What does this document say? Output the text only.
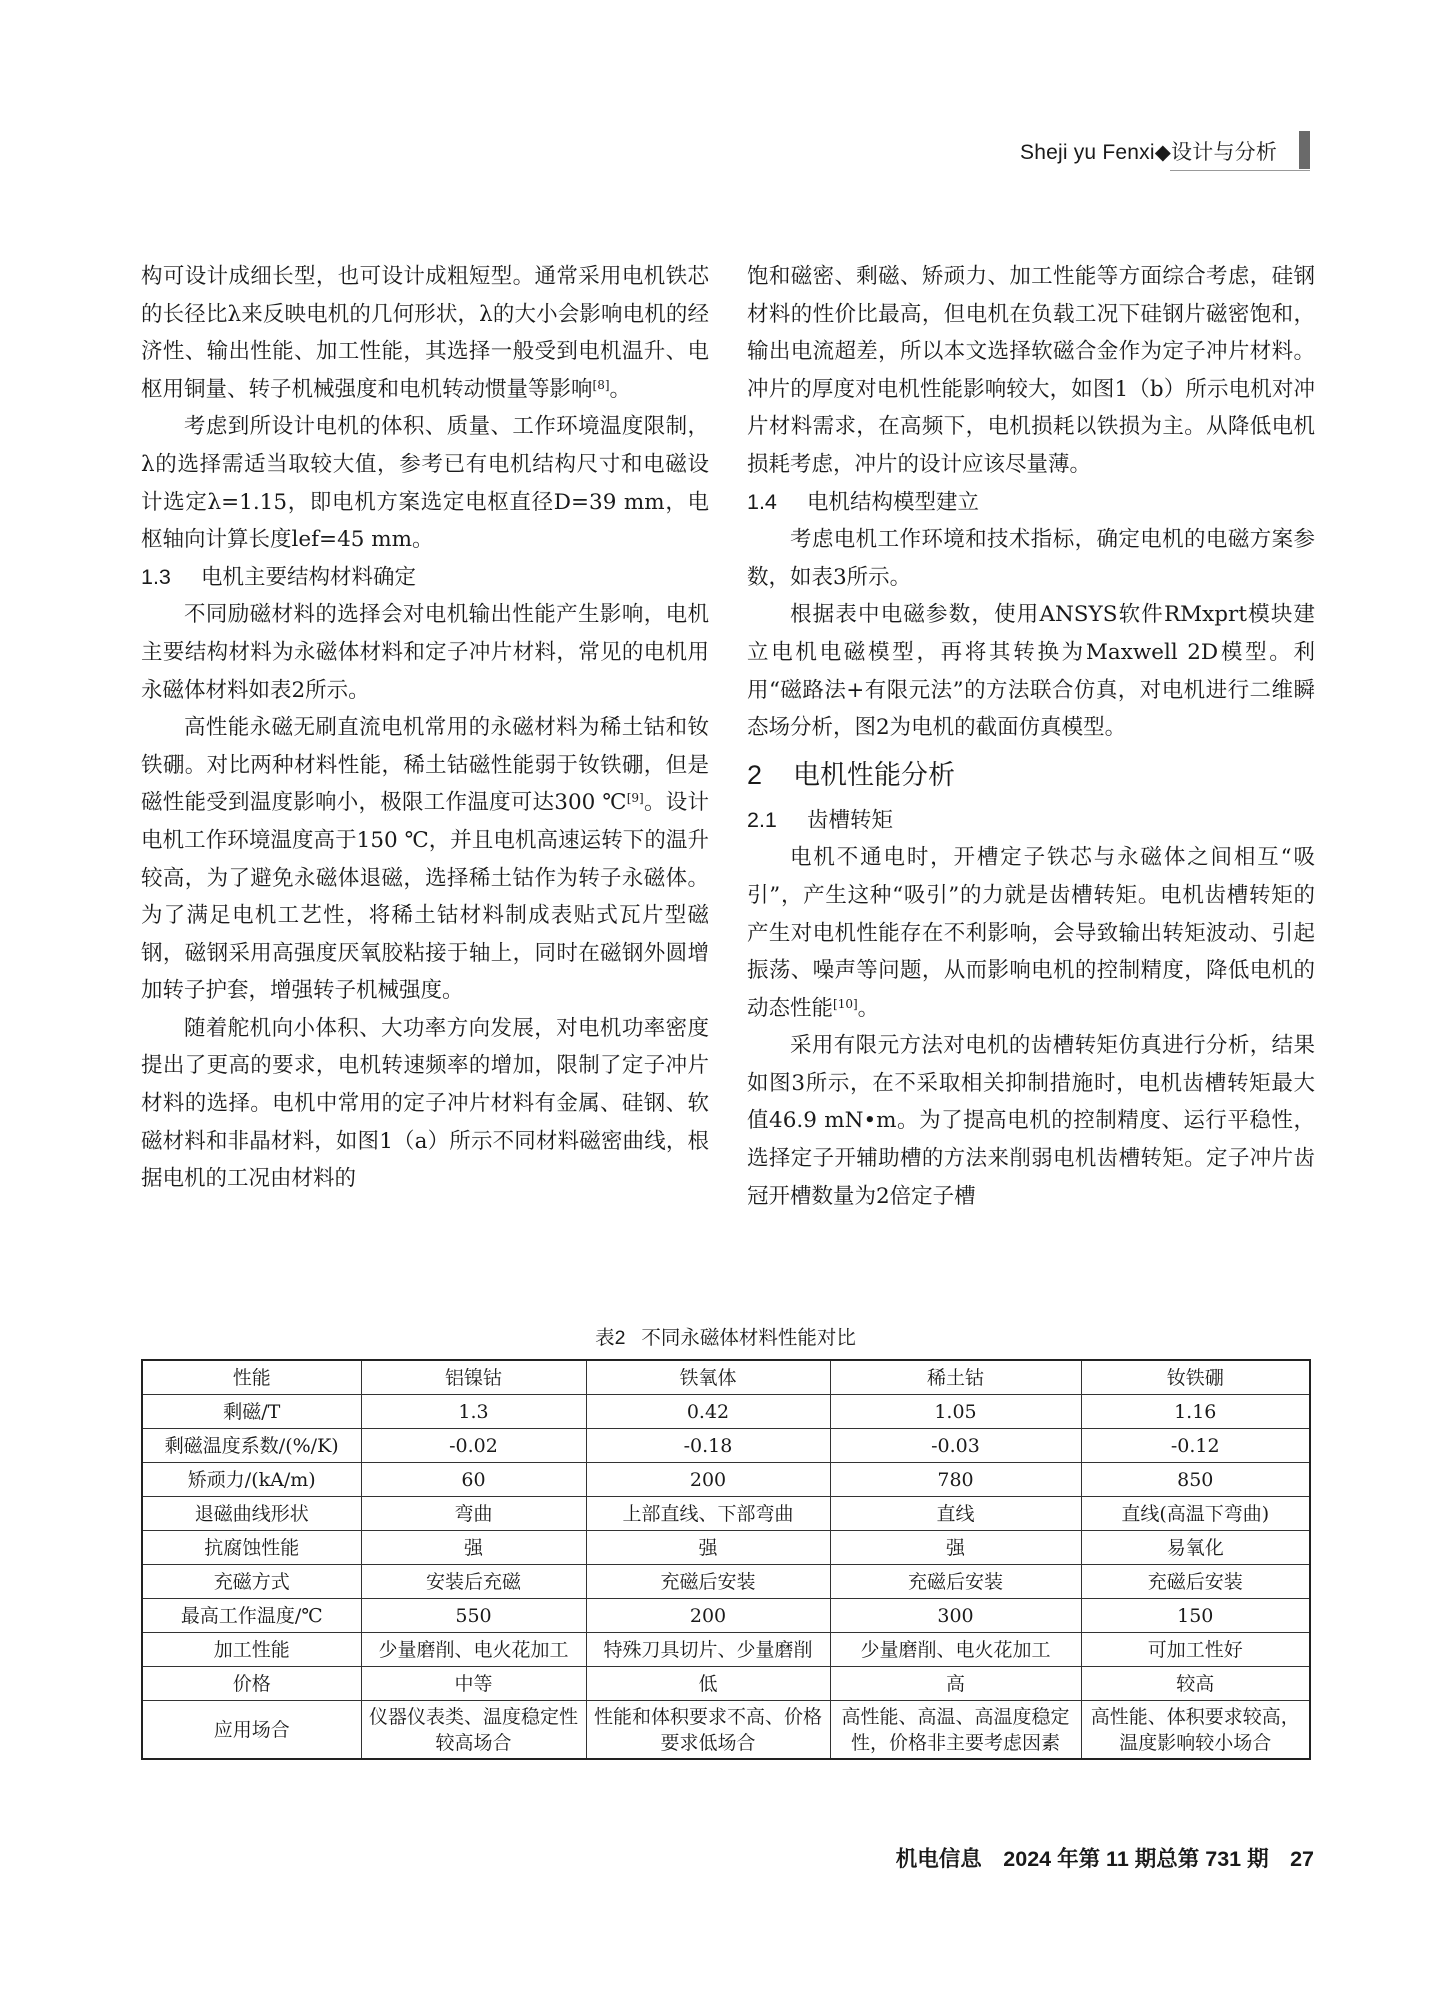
Sheji yu Fenxi◆设计与分析

构可设计成细长型，也可设计成粗短型。通常采用电机铁芯的长径比λ来反映电机的几何形状，λ的大小会影响电机的经济性、输出性能、加工性能，其选择一般受到电机温升、电枢用铜量、转子机械强度和电机转动惯量等影响[8]。

考虑到所设计电机的体积、质量、工作环境温度限制，λ的选择需适当取较大值，参考已有电机结构尺寸和电磁设计选定λ=1.15，即电机方案选定电枢直径D=39 mm，电枢轴向计算长度lef=45 mm。

1.3 电机主要结构材料确定

不同励磁材料的选择会对电机输出性能产生影响，电机主要结构材料为永磁体材料和定子冲片材料，常见的电机用永磁体材料如表2所示。

高性能永磁无刷直流电机常用的永磁材料为稀土钴和钕铁硼。对比两种材料性能，稀土钴磁性能弱于钕铁硼，但是磁性能受到温度影响小，极限工作温度可达300 ℃[9]。设计电机工作环境温度高于150 ℃，并且电机高速运转下的温升较高，为了避免永磁体退磁，选择稀土钴作为转子永磁体。为了满足电机工艺性，将稀土钴材料制成表贴式瓦片型磁钢，磁钢采用高强度厌氧胶粘接于轴上，同时在磁钢外圆增加转子护套，增强转子机械强度。

随着舵机向小体积、大功率方向发展，对电机功率密度提出了更高的要求，电机转速频率的增加，限制了定子冲片材料的选择。电机中常用的定子冲片材料有金属、硅钢、软磁材料和非晶材料，如图1（a）所示不同材料磁密曲线，根据电机的工况由材料的

饱和磁密、剩磁、矫顽力、加工性能等方面综合考虑，硅钢材料的性价比最高，但电机在负载工况下硅钢片磁密饱和，输出电流超差，所以本文选择软磁合金作为定子冲片材料。冲片的厚度对电机性能影响较大，如图1（b）所示电机对冲片材料需求，在高频下，电机损耗以铁损为主。从降低电机损耗考虑，冲片的设计应该尽量薄。

1.4 电机结构模型建立

考虑电机工作环境和技术指标，确定电机的电磁方案参数，如表3所示。

根据表中电磁参数，使用ANSYS软件RMxprt模块建立电机电磁模型，再将其转换为Maxwell 2D模型。利用“磁路法+有限元法”的方法联合仿真，对电机进行二维瞬态场分析，图2为电机的截面仿真模型。

2 电机性能分析
2.1 齿槽转矩

电机不通电时，开槽定子铁芯与永磁体之间相互“吸引”，产生这种“吸引”的力就是齿槽转矩。电机齿槽转矩的产生对电机性能存在不利影响，会导致输出转矩波动、引起振荡、噪声等问题，从而影响电机的控制精度，降低电机的动态性能[10]。

采用有限元方法对电机的齿槽转矩仿真进行分析，结果如图3所示，在不采取相关抑制措施时，电机齿槽转矩最大值46.9 mN•m。为了提高电机的控制精度、运行平稳性，选择定子开辅助槽的方法来削弱电机齿槽转矩。定子冲片齿冠开槽数量为2倍定子槽

表2 不同永磁体材料性能对比
性能	铝镍钴	铁氧体	稀土钴	钕铁硼
剩磁/T	1.3	0.42	1.05	1.16
剩磁温度系数/(%/K)	-0.02	-0.18	-0.03	-0.12
矫顽力/(kA/m)	60	200	780	850
退磁曲线形状	弯曲	上部直线、下部弯曲	直线	直线(高温下弯曲)
抗腐蚀性能	强	强	强	易氧化
充磁方式	安装后充磁	充磁后安装	充磁后安装	充磁后安装
最高工作温度/℃	550	200	300	150
加工性能	少量磨削、电火花加工	特殊刀具切片、少量磨削	少量磨削、电火花加工	可加工性好
价格	中等	低	高	较高
应用场合	仪器仪表类、温度稳定性较高场合	性能和体积要求不高、价格要求低场合	高性能、高温、高温度稳定性，价格非主要考虑因素	高性能、体积要求较高，温度影响较小场合
机电信息　2024 年第 11 期总第 731 期　27
